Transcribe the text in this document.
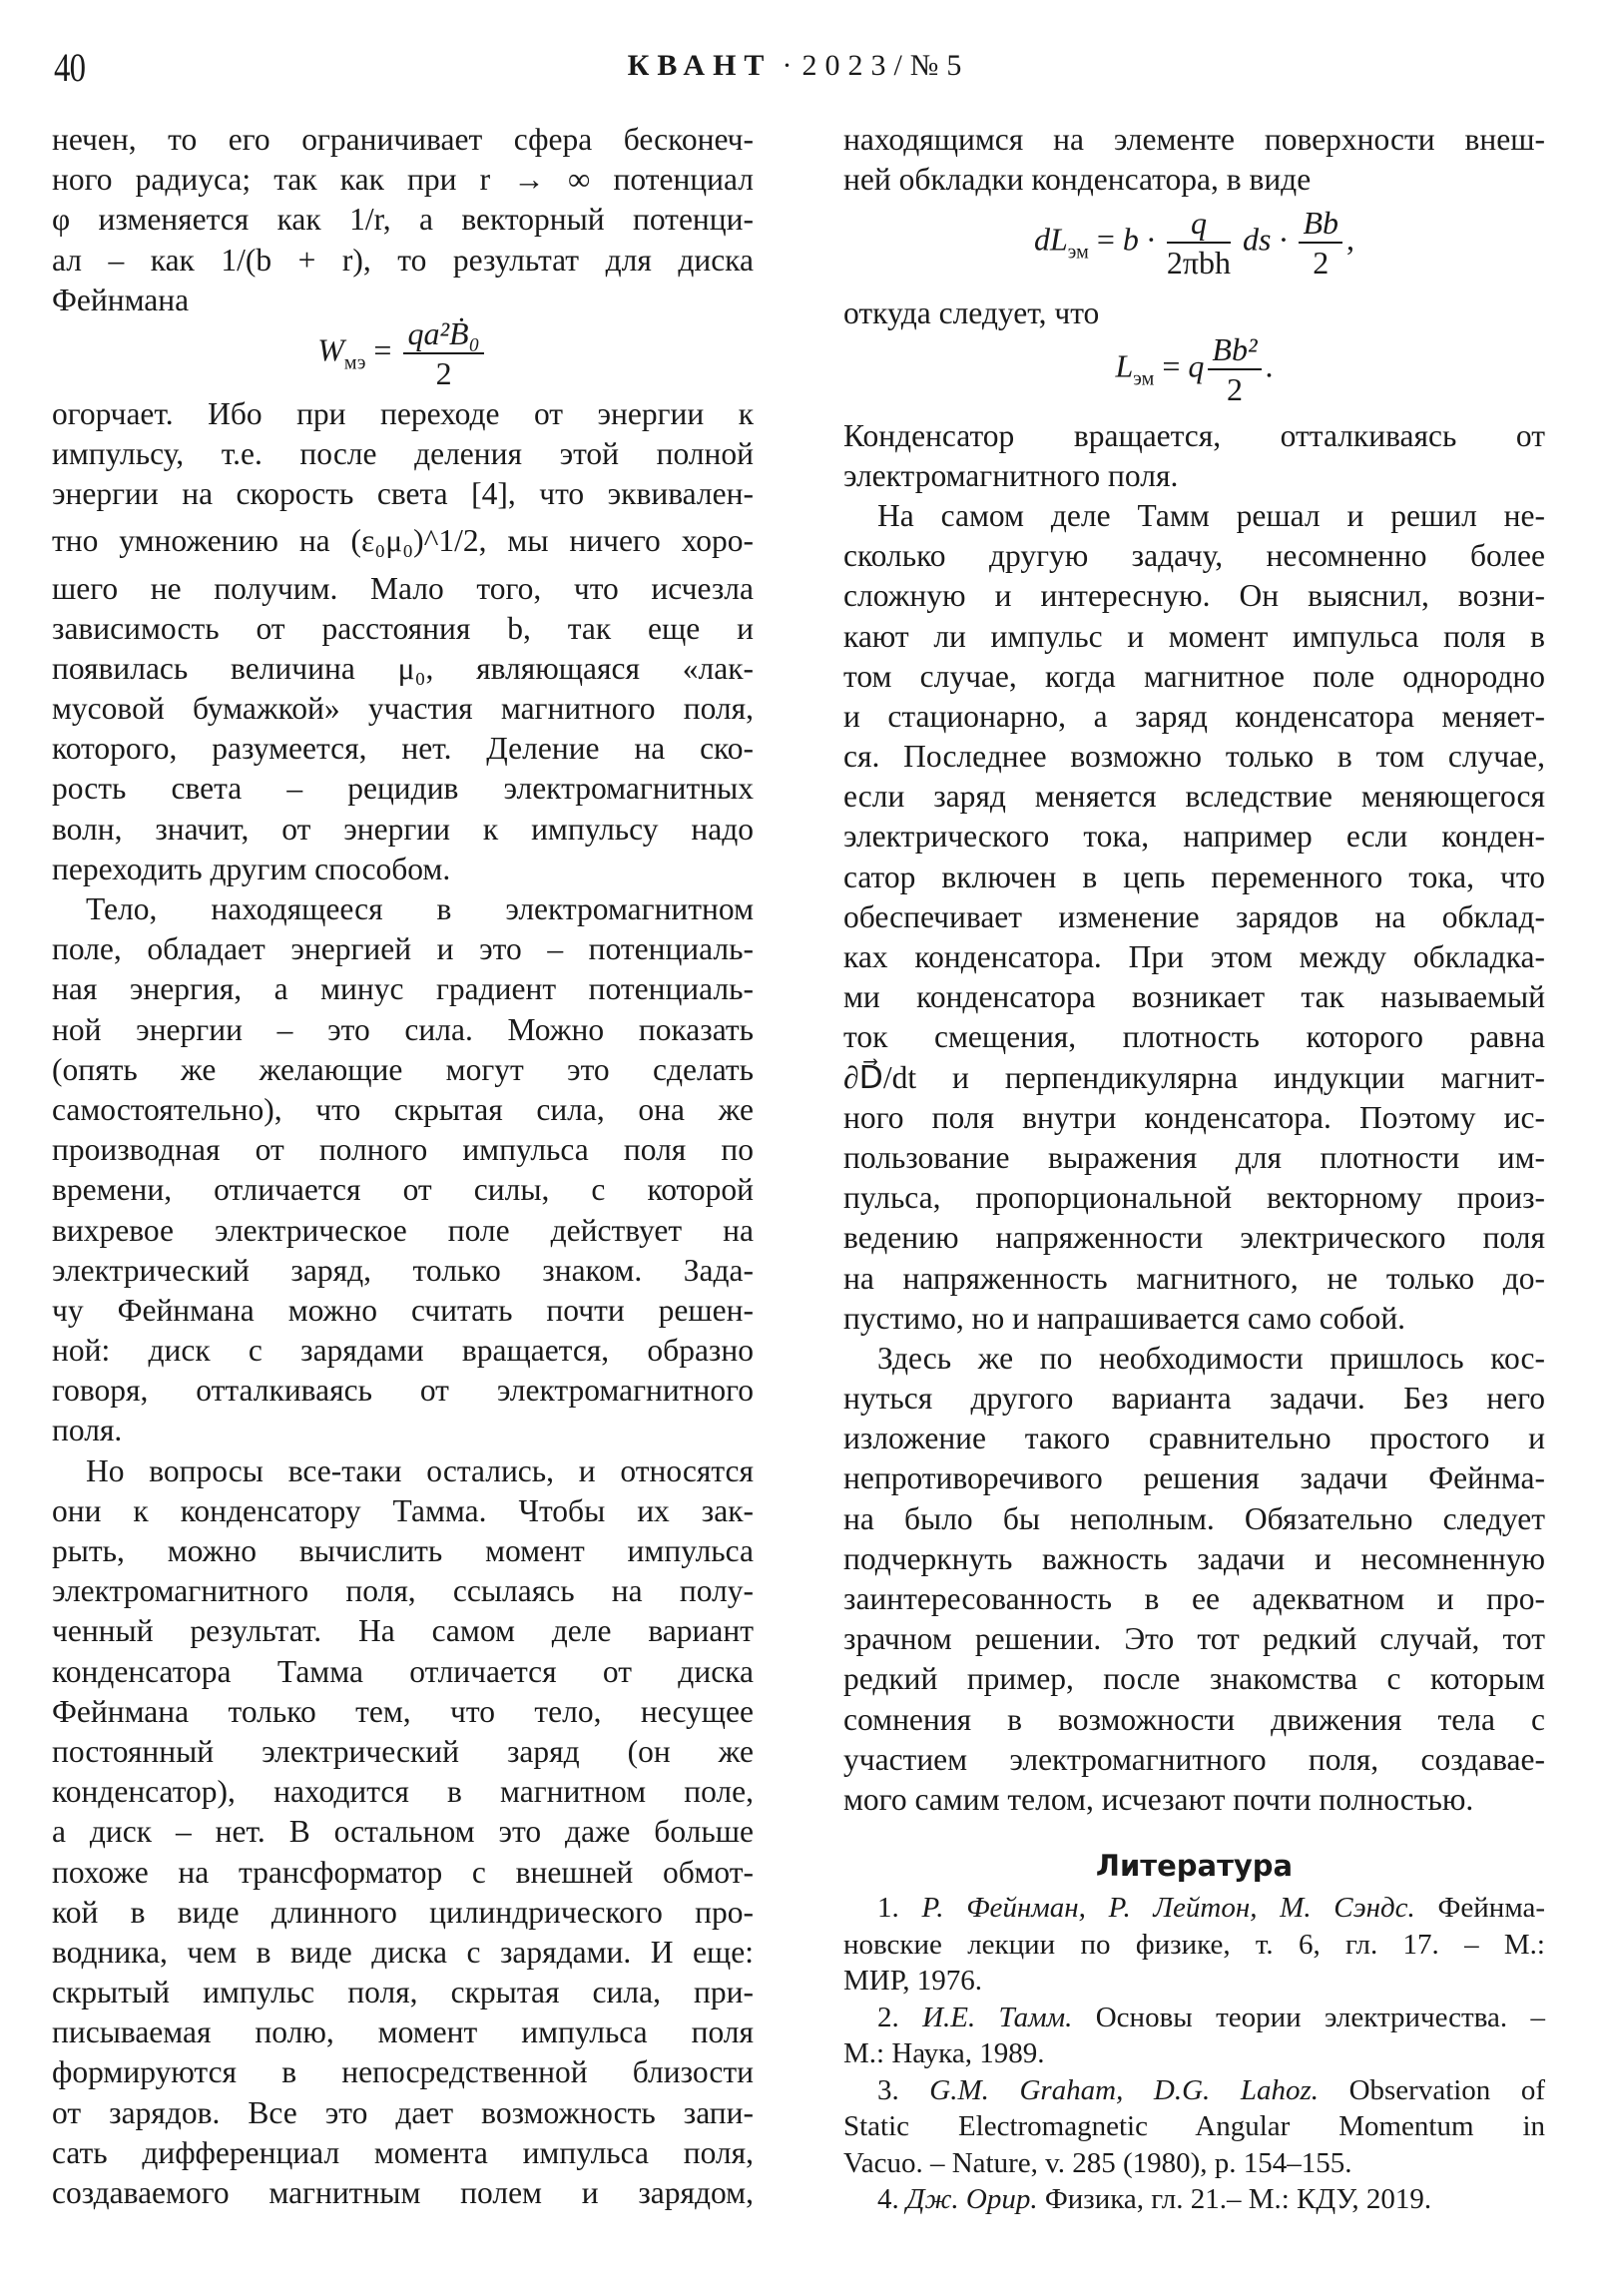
40	КВАНТ · 2023/№5

нечен, то его ограничивает сфера бесконеч-
ного радиуса; так как при r → ∞ потенциал
φ изменяется как 1/r, а векторный потенци-
ал – как 1/(b + r), то результат для диска
Фейнмана

$W_{мэ} = \frac{\text{qa²Ḃ₀}}{2}$

огорчает. Ибо при переходе от энергии к
импульсу, т.е. после деления этой полной
энергии на скорость света [4], что эквивален-
тно умножению на (ε₀μ₀)^1/2, мы ничего хоро-
шего не получим. Мало того, что исчезла
зависимость от расстояния b, так еще и
появилась величина μ₀, являющаяся «лак-
мусовой бумажкой» участия магнитного поля,
которого, разумеется, нет. Деление на ско-
рость света – рецидив электромагнитных
волн, значит, от энергии к импульсу надо
переходить другим способом.

Тело, находящееся в электромагнитном
поле, обладает энергией и это – потенциаль-
ная энергия, а минус градиент потенциаль-
ной энергии – это сила. Можно показать
(опять же желающие могут это сделать
самостоятельно), что скрытая сила, она же
производная от полного импульса поля по
времени, отличается от силы, с которой
вихревое электрическое поле действует на
электрический заряд, только знаком. Зада-
чу Фейнмана можно считать почти решен-
ной: диск с зарядами вращается, образно
говоря, отталкиваясь от электромагнитного
поля.

Но вопросы все-таки остались, и относятся
они к конденсатору Тамма. Чтобы их зак-
рыть, можно вычислить момент импульса
электромагнитного поля, ссылаясь на полу-
ченный результат. На самом деле вариант
конденсатора Тамма отличается от диска
Фейнмана только тем, что тело, несущее
постоянный электрический заряд (он же
конденсатор), находится в магнитном поле,
а диск – нет. В остальном это даже больше
похоже на трансформатор с внешней обмот-
кой в виде длинного цилиндрического про-
водника, чем в виде диска с зарядами. И еще:
скрытый импульс поля, скрытая сила, при-
писываемая полю, момент импульса поля
формируются в непосредственной близости
от зарядов. Все это дает возможность запи-
сать дифференциал момента импульса поля,
создаваемого магнитным полем и зарядом,

находящимся на элементе поверхности внеш-
ней обкладки конденсатора, в виде

$dL_{эм} = b \cdot \frac{q}{\text{2πbh}}$ ds · $\frac{Bb}{2}$ ,

откуда следует, что

$L_{эм} = q \frac{\text{Bb²}}{2}$ .

Конденсатор вращается, отталкиваясь от
электромагнитного поля.

На самом деле Тамм решал и решил не-
сколько другую задачу, несомненно более
сложную и интересную. Он выяснил, возни-
кают ли импульс и момент импульса поля в
том случае, когда магнитное поле однородно
и стационарно, а заряд конденсатора меняет-
ся. Последнее возможно только в том случае,
если заряд меняется вследствие меняющегося
электрического тока, например если конден-
сатор включен в цепь переменного тока, что
обеспечивает изменение зарядов на обклад-
ках конденсатора. При этом между обкладка-
ми конденсатора возникает так называемый
ток смещения, плотность которого равна
∂D⃗/dt и перпендикулярна индукции магнит-
ного поля внутри конденсатора. Поэтому ис-
пользование выражения для плотности им-
пульса, пропорциональной векторному произ-
ведению напряженности электрического поля
на напряженность магнитного, не только до-
пустимо, но и напрашивается само собой.

Здесь же по необходимости пришлось кос-
нуться другого варианта задачи. Без него
изложение такого сравнительно простого и
непротиворечивого решения задачи Фейнма-
на было бы неполным. Обязательно следует
подчеркнуть важность задачи и несомненную
заинтересованность в ее адекватном и про-
зрачном решении. Это тот редкий случай, тот
редкий пример, после знакомства с которым
сомнения в возможности движения тела с
участием электромагнитного поля, создавае-
мого самим телом, исчезают почти полностью.

Литература
1. Р. Фейнман, Р. Лейтон, М. Сэндс. Фейнма-
новские лекции по физике, т. 6, гл. 17. – М.:
МИР, 1976.
2. И.Е. Тамм. Основы теории электричества. –
М.: Наука, 1989.
3. G.M. Graham, D.G. Lahoz. Observation of
Static Electromagnetic Angular Momentum in
Vacuo. – Nature, v. 285 (1980), p. 154–155.
4. Дж. Орир. Физика, гл. 21.– М.: КДУ, 2019.
